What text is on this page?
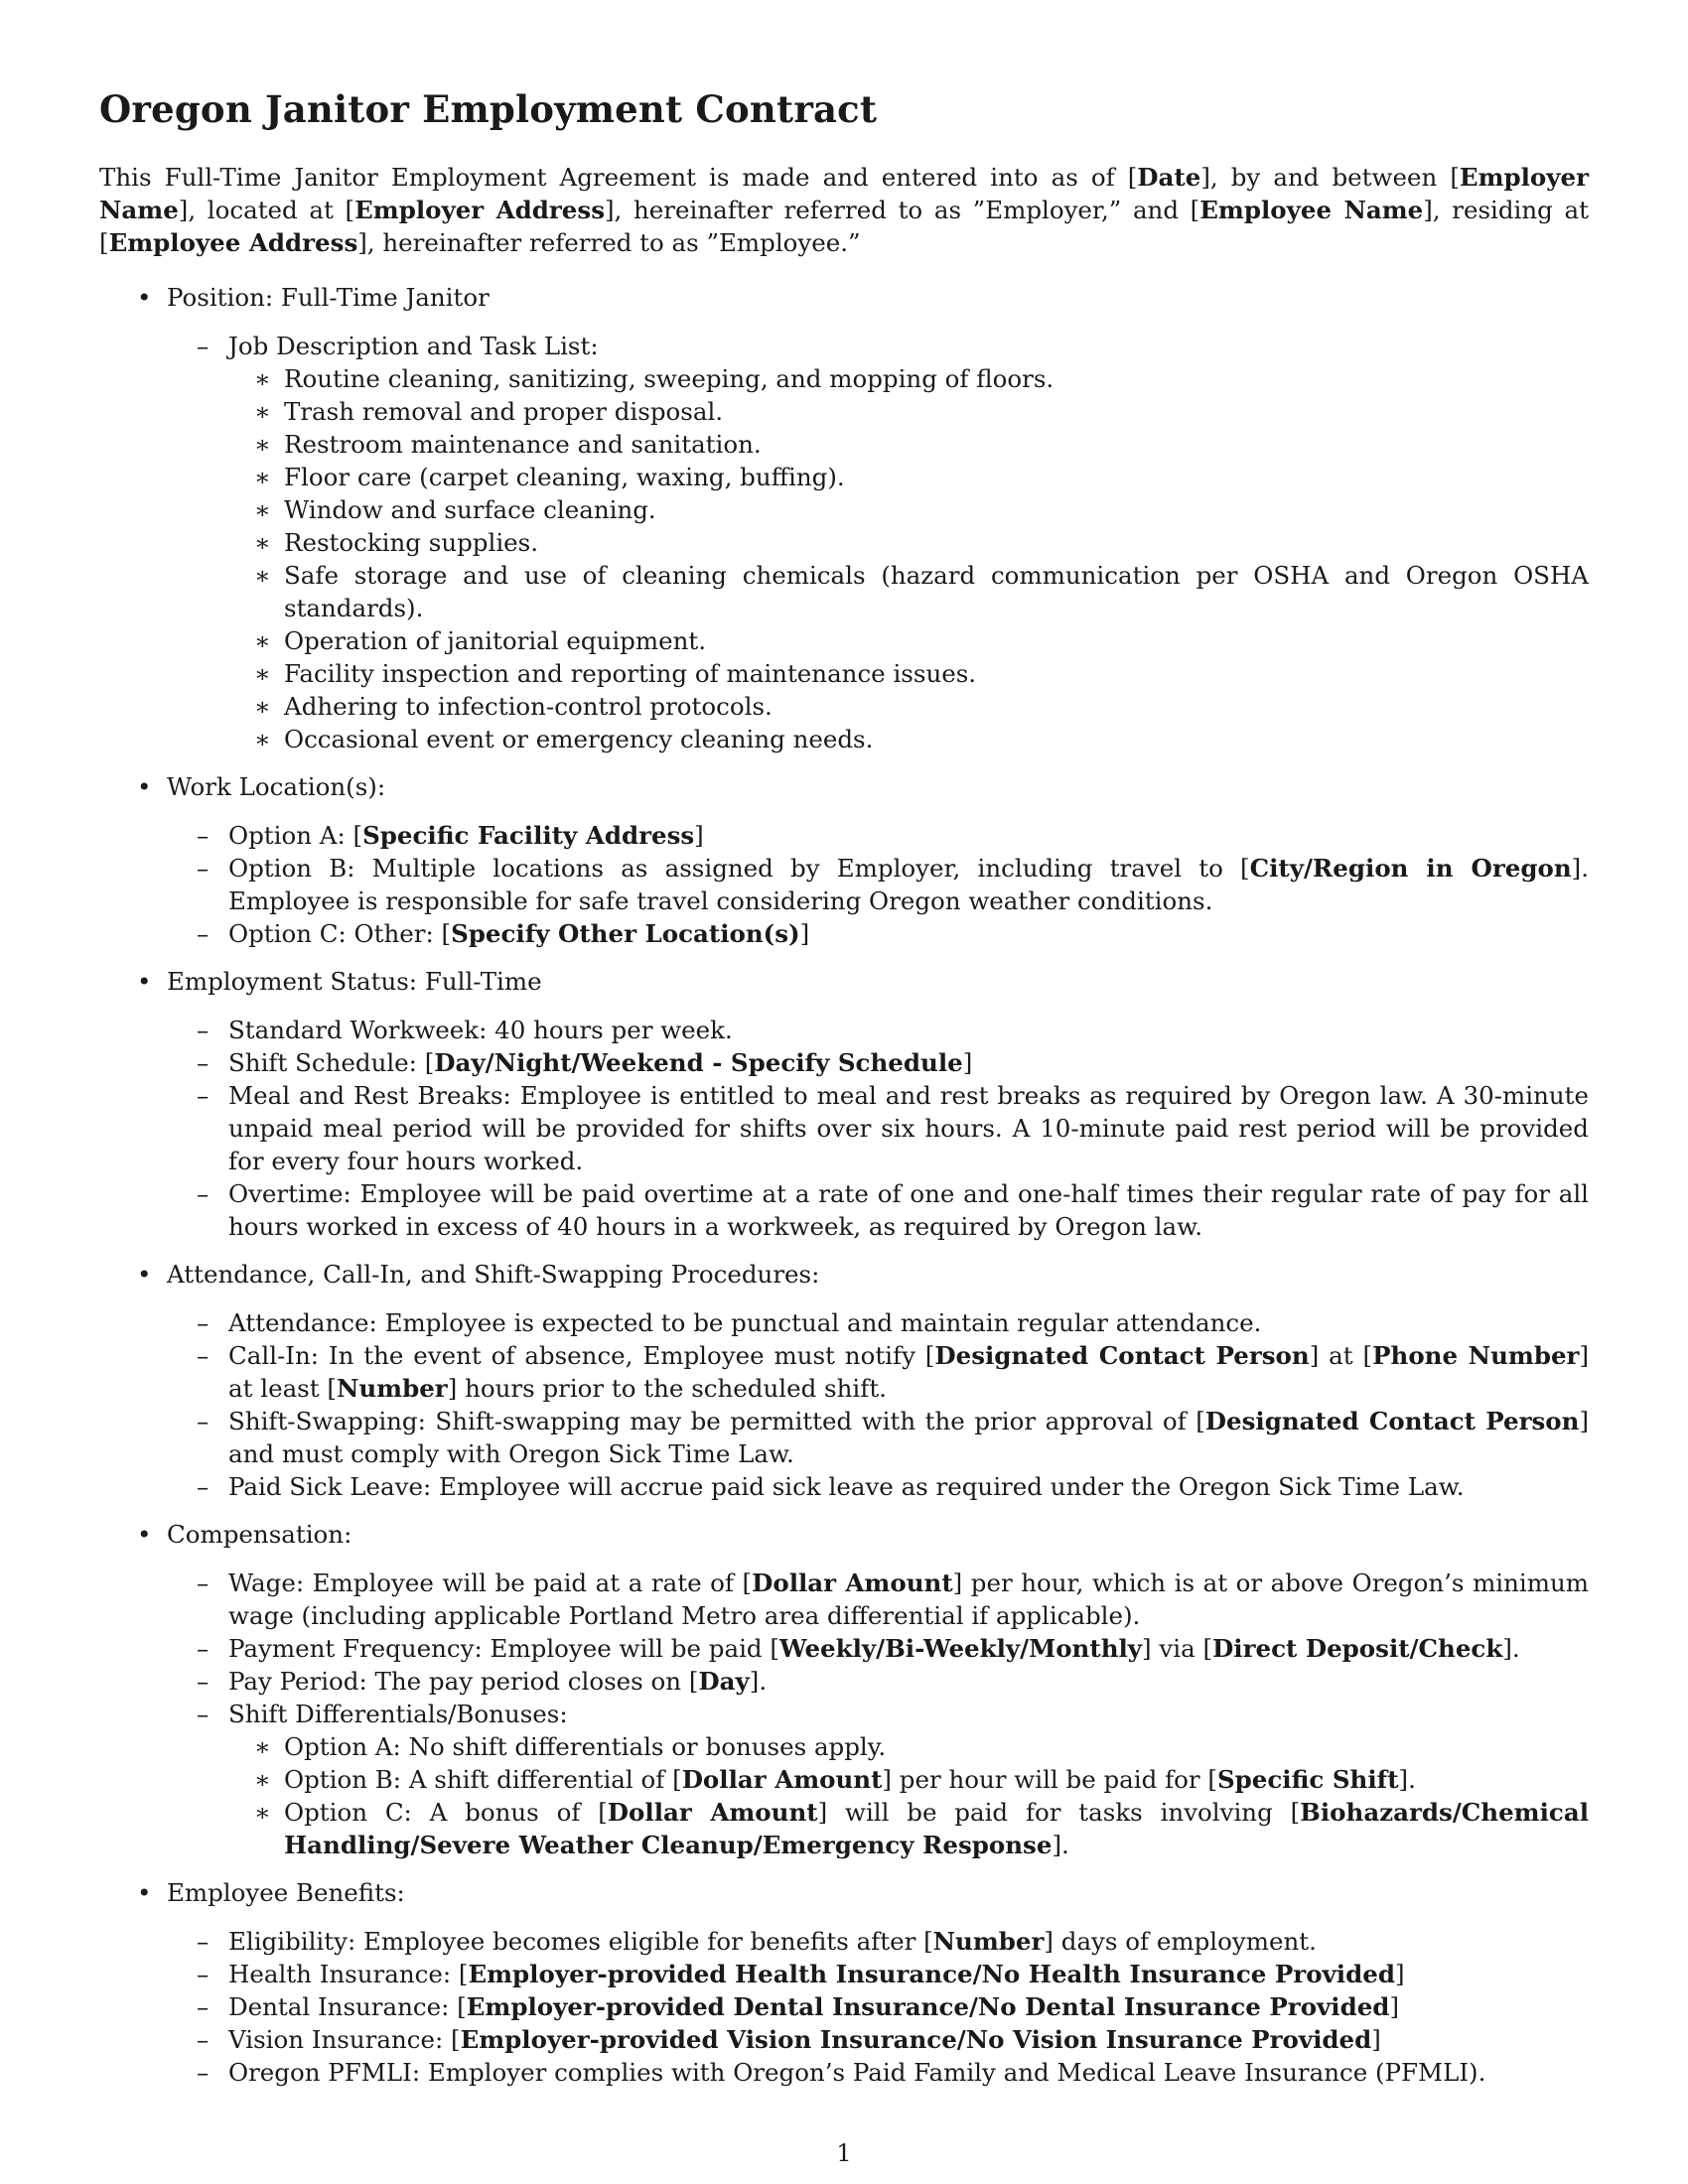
Oregon Janitor Employment Contract

This Full-Time Janitor Employment Agreement is made and entered into as of [Date], by and between [Employer Name], located at [Employer Address], hereinafter referred to as ”Employer,” and [Employee Name], residing at [Employee Address], hereinafter referred to as ”Employee.”

• Position: Full-Time Janitor
– Job Description and Task List:
∗ Routine cleaning, sanitizing, sweeping, and mopping of floors.
∗ Trash removal and proper disposal.
∗ Restroom maintenance and sanitation.
∗ Floor care (carpet cleaning, waxing, buffing).
∗ Window and surface cleaning.
∗ Restocking supplies.
∗ Safe storage and use of cleaning chemicals (hazard communication per OSHA and Oregon OSHA standards).
∗ Operation of janitorial equipment.
∗ Facility inspection and reporting of maintenance issues.
∗ Adhering to infection-control protocols.
∗ Occasional event or emergency cleaning needs.
• Work Location(s):
– Option A: [Specific Facility Address]
– Option B: Multiple locations as assigned by Employer, including travel to [City/Region in Oregon]. Employee is responsible for safe travel considering Oregon weather conditions.
– Option C: Other: [Specify Other Location(s)]
• Employment Status: Full-Time
– Standard Workweek: 40 hours per week.
– Shift Schedule: [Day/Night/Weekend - Specify Schedule]
– Meal and Rest Breaks: Employee is entitled to meal and rest breaks as required by Oregon law. A 30-minute unpaid meal period will be provided for shifts over six hours. A 10-minute paid rest period will be provided for every four hours worked.
– Overtime: Employee will be paid overtime at a rate of one and one-half times their regular rate of pay for all hours worked in excess of 40 hours in a workweek, as required by Oregon law.
• Attendance, Call-In, and Shift-Swapping Procedures:
– Attendance: Employee is expected to be punctual and maintain regular attendance.
– Call-In: In the event of absence, Employee must notify [Designated Contact Person] at [Phone Number] at least [Number] hours prior to the scheduled shift.
– Shift-Swapping: Shift-swapping may be permitted with the prior approval of [Designated Contact Person] and must comply with Oregon Sick Time Law.
– Paid Sick Leave: Employee will accrue paid sick leave as required under the Oregon Sick Time Law.
• Compensation:
– Wage: Employee will be paid at a rate of [Dollar Amount] per hour, which is at or above Oregon’s minimum wage (including applicable Portland Metro area differential if applicable).
– Payment Frequency: Employee will be paid [Weekly/Bi-Weekly/Monthly] via [Direct Deposit/Check].
– Pay Period: The pay period closes on [Day].
– Shift Differentials/Bonuses:
∗ Option A: No shift differentials or bonuses apply.
∗ Option B: A shift differential of [Dollar Amount] per hour will be paid for [Specific Shift].
∗ Option C: A bonus of [Dollar Amount] will be paid for tasks involving [Biohazards/Chemical Handling/Severe Weather Cleanup/Emergency Response].
• Employee Benefits:
– Eligibility: Employee becomes eligible for benefits after [Number] days of employment.
– Health Insurance: [Employer-provided Health Insurance/No Health Insurance Provided]
– Dental Insurance: [Employer-provided Dental Insurance/No Dental Insurance Provided]
– Vision Insurance: [Employer-provided Vision Insurance/No Vision Insurance Provided]
– Oregon PFMLI: Employer complies with Oregon’s Paid Family and Medical Leave Insurance (PFMLI).
1
